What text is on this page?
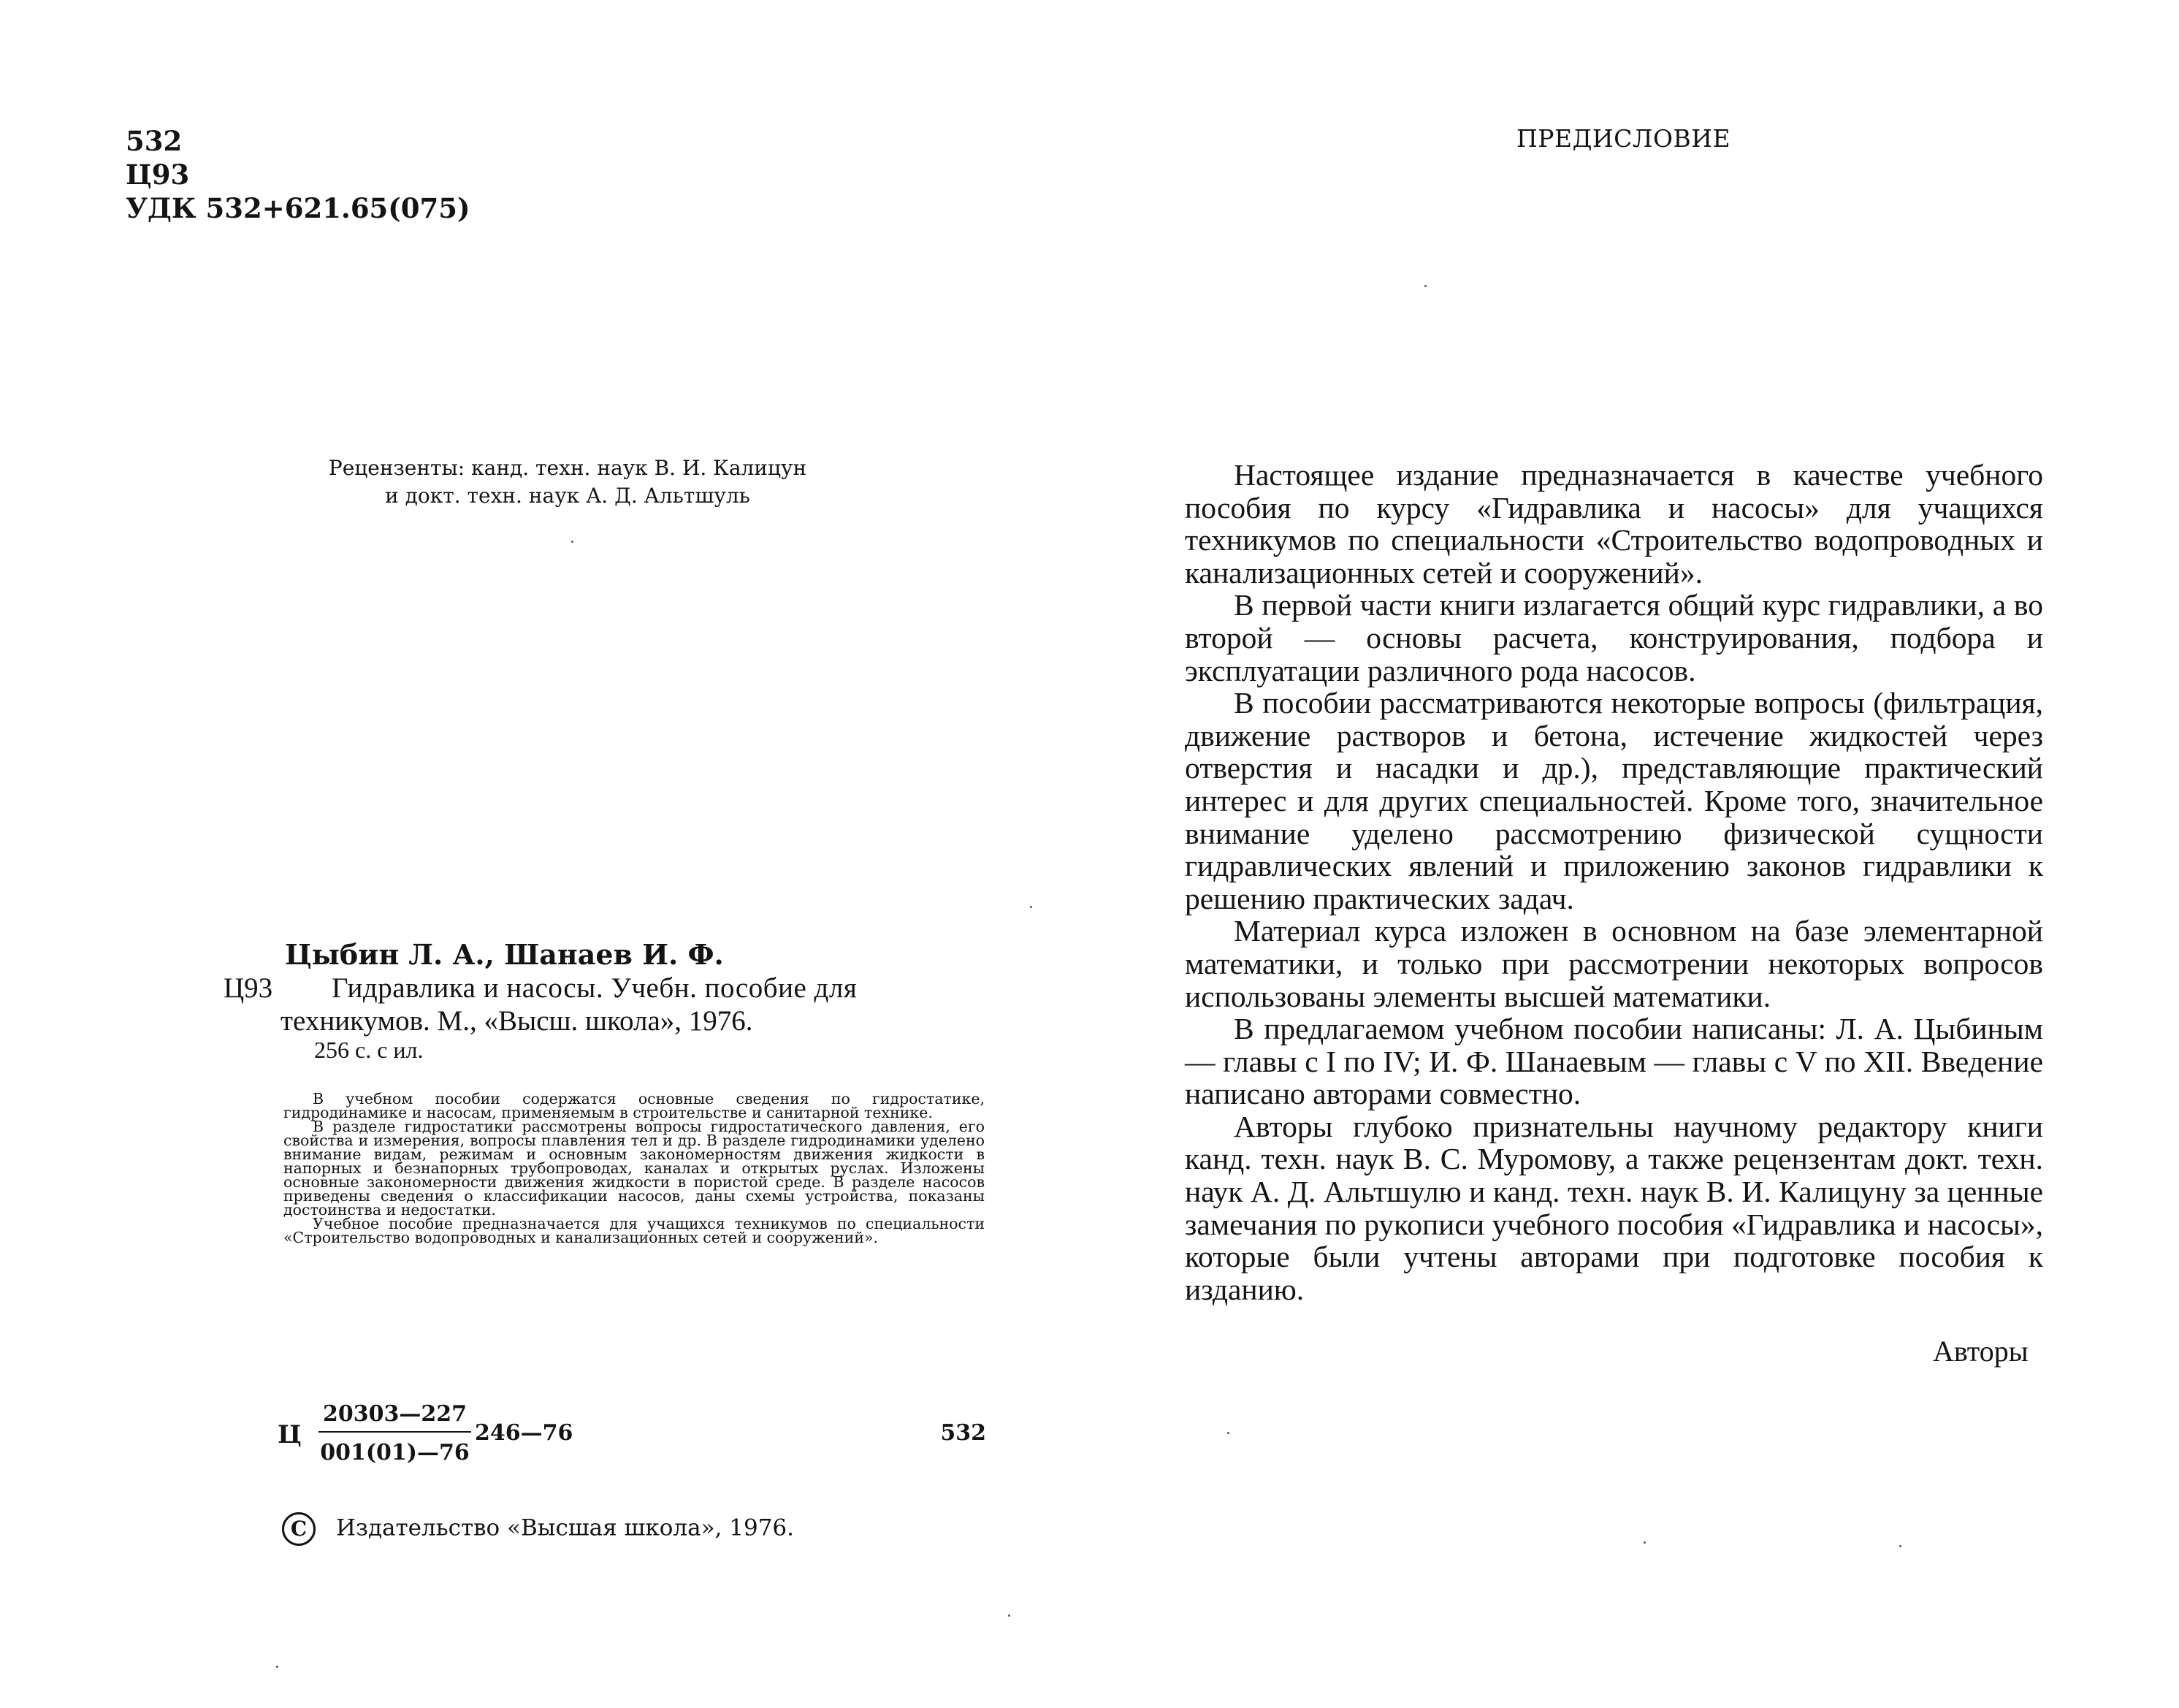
532
Ц93
УДК 532+621.65(075)
Рецензенты: канд. техн. наук В. И. Калицун
и докт. техн. наук А. Д. Альтшуль
Цыбин Л. А., Шанаев И. Ф.
Ц93 Гидравлика и насосы. Учебн. пособие для
техникумов. М., «Высш. школа», 1976.
256 с. с ил.

В учебном пособии содержатся основные сведения по гидростатике, гидродинамике и насосам, применяемым в строительстве и санитарной технике.

В разделе гидростатики рассмотрены вопросы гидростатического давления, его свойства и измерения, вопросы плавления тел и др. В разделе гидродинамики уделено внимание видам, режимам и основным закономерностям движения жидкости в напорных и безнапорных трубопроводах, каналах и открытых руслах. Изложены основные закономерности движения жидкости в пористой среде. В разделе насосов приведены сведения о классификации насосов, даны схемы устройства, показаны достоинства и недостатки.

Учебное пособие предназначается для учащихся техникумов по специальности «Строительство водопроводных и канализационных сетей и сооружений».

Ц $\frac{20303—227}{001(01)—76}$ 246—76	532
C Издательство «Высшая школа», 1976.
ПРЕДИСЛОВИЕ

Настоящее издание предназначается в качестве учебного пособия по курсу «Гидравлика и насосы» для учащихся техникумов по специальности «Строительство водопроводных и канализационных сетей и сооружений».

В первой части книги излагается общий курс гидравлики, а во второй — основы расчета, конструирования, подбора и эксплуатации различного рода насосов.

В пособии рассматриваются некоторые вопросы (фильтрация, движение растворов и бетона, истечение жидкостей через отверстия и насадки и др.), представляющие практический интерес и для других специальностей. Кроме того, значительное внимание уделено рассмотрению физической сущности гидравлических явлений и приложению законов гидравлики к решению практических задач.

Материал курса изложен в основном на базе элементарной математики, и только при рассмотрении некоторых вопросов использованы элементы высшей математики.

В предлагаемом учебном пособии написаны: Л. А. Цыбиным — главы с I по IV; И. Ф. Шанаевым — главы с V по XII. Введение написано авторами совместно.

Авторы глубоко признательны научному редактору книги канд. техн. наук В. С. Муромову, а также рецензентам докт. техн. наук А. Д. Альтшулю и канд. техн. наук В. И. Калицуну за ценные замечания по рукописи учебного пособия «Гидравлика и насосы», которые были учтены авторами при подготовке пособия к изданию.

Авторы
